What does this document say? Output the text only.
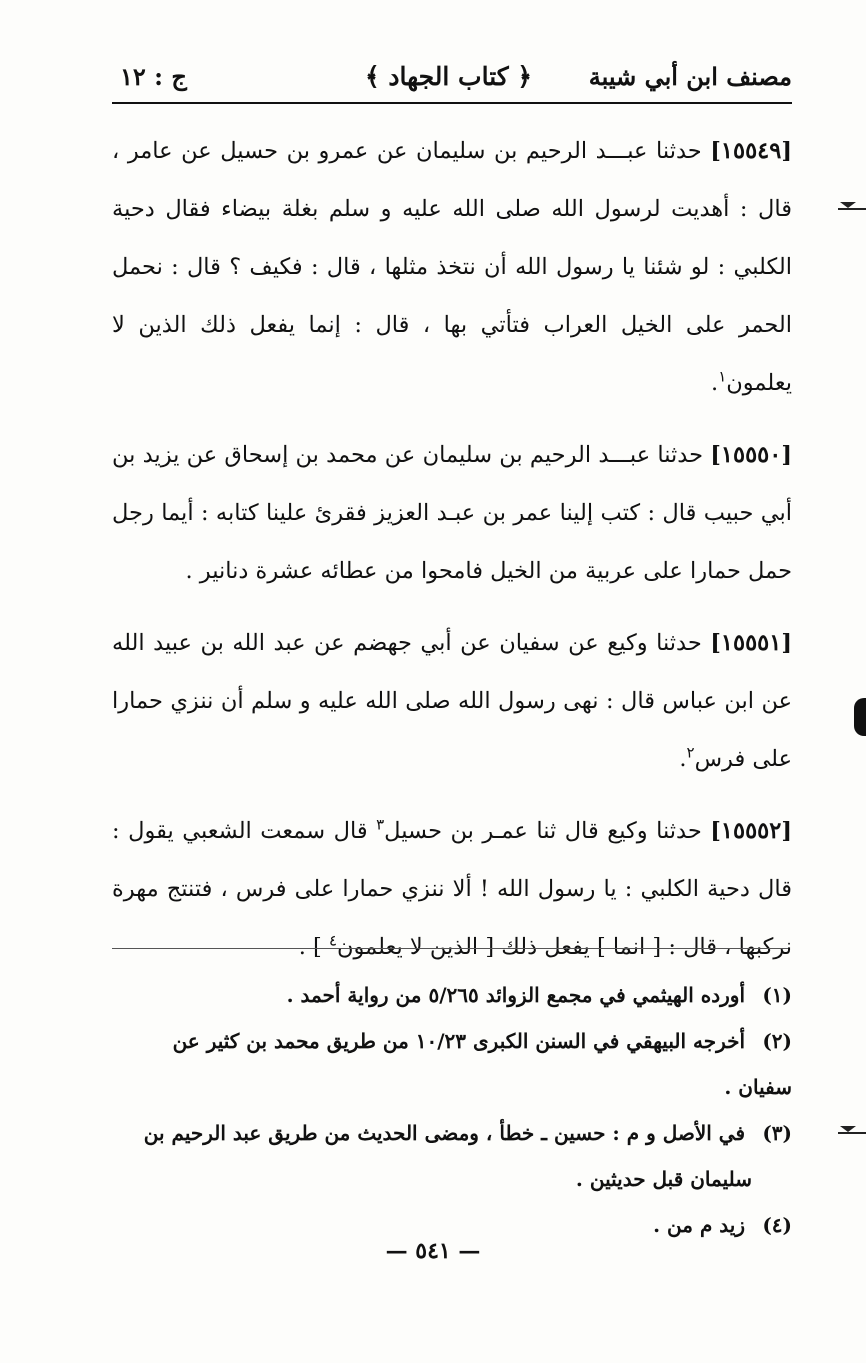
مصنف ابن أبي شيبة
﴿ كتاب الجهاد ﴾
ج : ١٢

[١٥٥٤٩] حدثنا عبـــد الرحيم بن سليمان عن عمرو بن حسيل عن عامر ، قال : أهديت لرسول الله صلى الله عليه و سلم بغلة بيضاء فقال دحية الكلبي : لو شئنا يا رسول الله أن نتخذ مثلها ، قال : فكيف ؟ قال : نحمل الحمر على الخيل العراب فتأتي بها ، قال : إنما يفعل ذلك الذين لا يعلمون$^١$.

[١٥٥٥٠] حدثنا عبـــد الرحيم بن سليمان عن محمد بن إسحاق عن يزيد بن أبي حبيب قال : كتب إلينا عمر بن عبـد العزيز فقرئ علينا كتابه : أيما رجل حمل حمارا على عربية من الخيل فامحوا من عطائه عشرة دنانير .

[١٥٥٥١] حدثنا وكيع عن سفيان عن أبي جهضم عن عبد الله بن عبيد الله عن ابن عباس قال : نهى رسول الله صلى الله عليه و سلم أن ننزي حمارا على فرس$^٢$.

[١٥٥٥٢] حدثنا وكيع قال ثنا عمـر بن حسيل$^٣$ قال سمعت الشعبي يقول : قال دحية الكلبي : يا رسول الله ! ألا ننزي حمارا على فرس ، فتنتج مهرة نركبها ، قال : [ انما ] يفعل ذلك [ الذين لا يعلمون$^٤$ ] .

(١) أورده الهيثمي في مجمع الزوائد ٥/٢٦٥ من رواية أحمد .
(٢) أخرجه البيهقي في السنن الكبرى ١٠/٢٣ من طريق محمد بن كثير عن سفيان .
(٣) في الأصل و م : حسين ـ خطأ ، ومضى الحديث من طريق عبد الرحيم بن
سليمان قبل حديثين .
(٤) زيد م من .
— ٥٤١ —
